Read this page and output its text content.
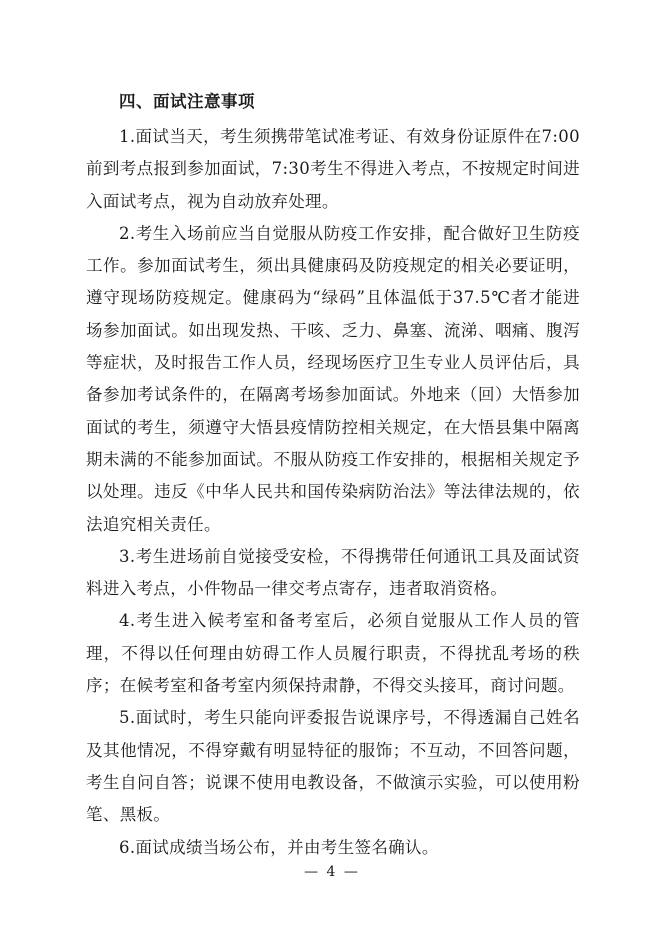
四、面试注意事项

1.面试当天，考生须携带笔试准考证、有效身份证原件在7:00前到考点报到参加面试，7:30考生不得进入考点，不按规定时间进入面试考点，视为自动放弃处理。

2.考生入场前应当自觉服从防疫工作安排，配合做好卫生防疫工作。参加面试考生，须出具健康码及防疫规定的相关必要证明，遵守现场防疫规定。健康码为“绿码”且体温低于37.5℃者才能进场参加面试。如出现发热、干咳、乏力、鼻塞、流涕、咽痛、腹泻等症状，及时报告工作人员，经现场医疗卫生专业人员评估后，具备参加考试条件的，在隔离考场参加面试。外地来（回）大悟参加面试的考生，须遵守大悟县疫情防控相关规定，在大悟县集中隔离期未满的不能参加面试。不服从防疫工作安排的，根据相关规定予以处理。违反《中华人民共和国传染病防治法》等法律法规的，依法追究相关责任。

3.考生进场前自觉接受安检，不得携带任何通讯工具及面试资料进入考点，小件物品一律交考点寄存，违者取消资格。

4.考生进入候考室和备考室后，必须自觉服从工作人员的管理，不得以任何理由妨碍工作人员履行职责，不得扰乱考场的秩序；在候考室和备考室内须保持肃静，不得交头接耳，商讨问题。

5.面试时，考生只能向评委报告说课序号，不得透漏自己姓名及其他情况，不得穿戴有明显特征的服饰；不互动，不回答问题，考生自问自答；说课不使用电教设备，不做演示实验，可以使用粉笔、黑板。

6.面试成绩当场公布，并由考生签名确认。

— 4 —
